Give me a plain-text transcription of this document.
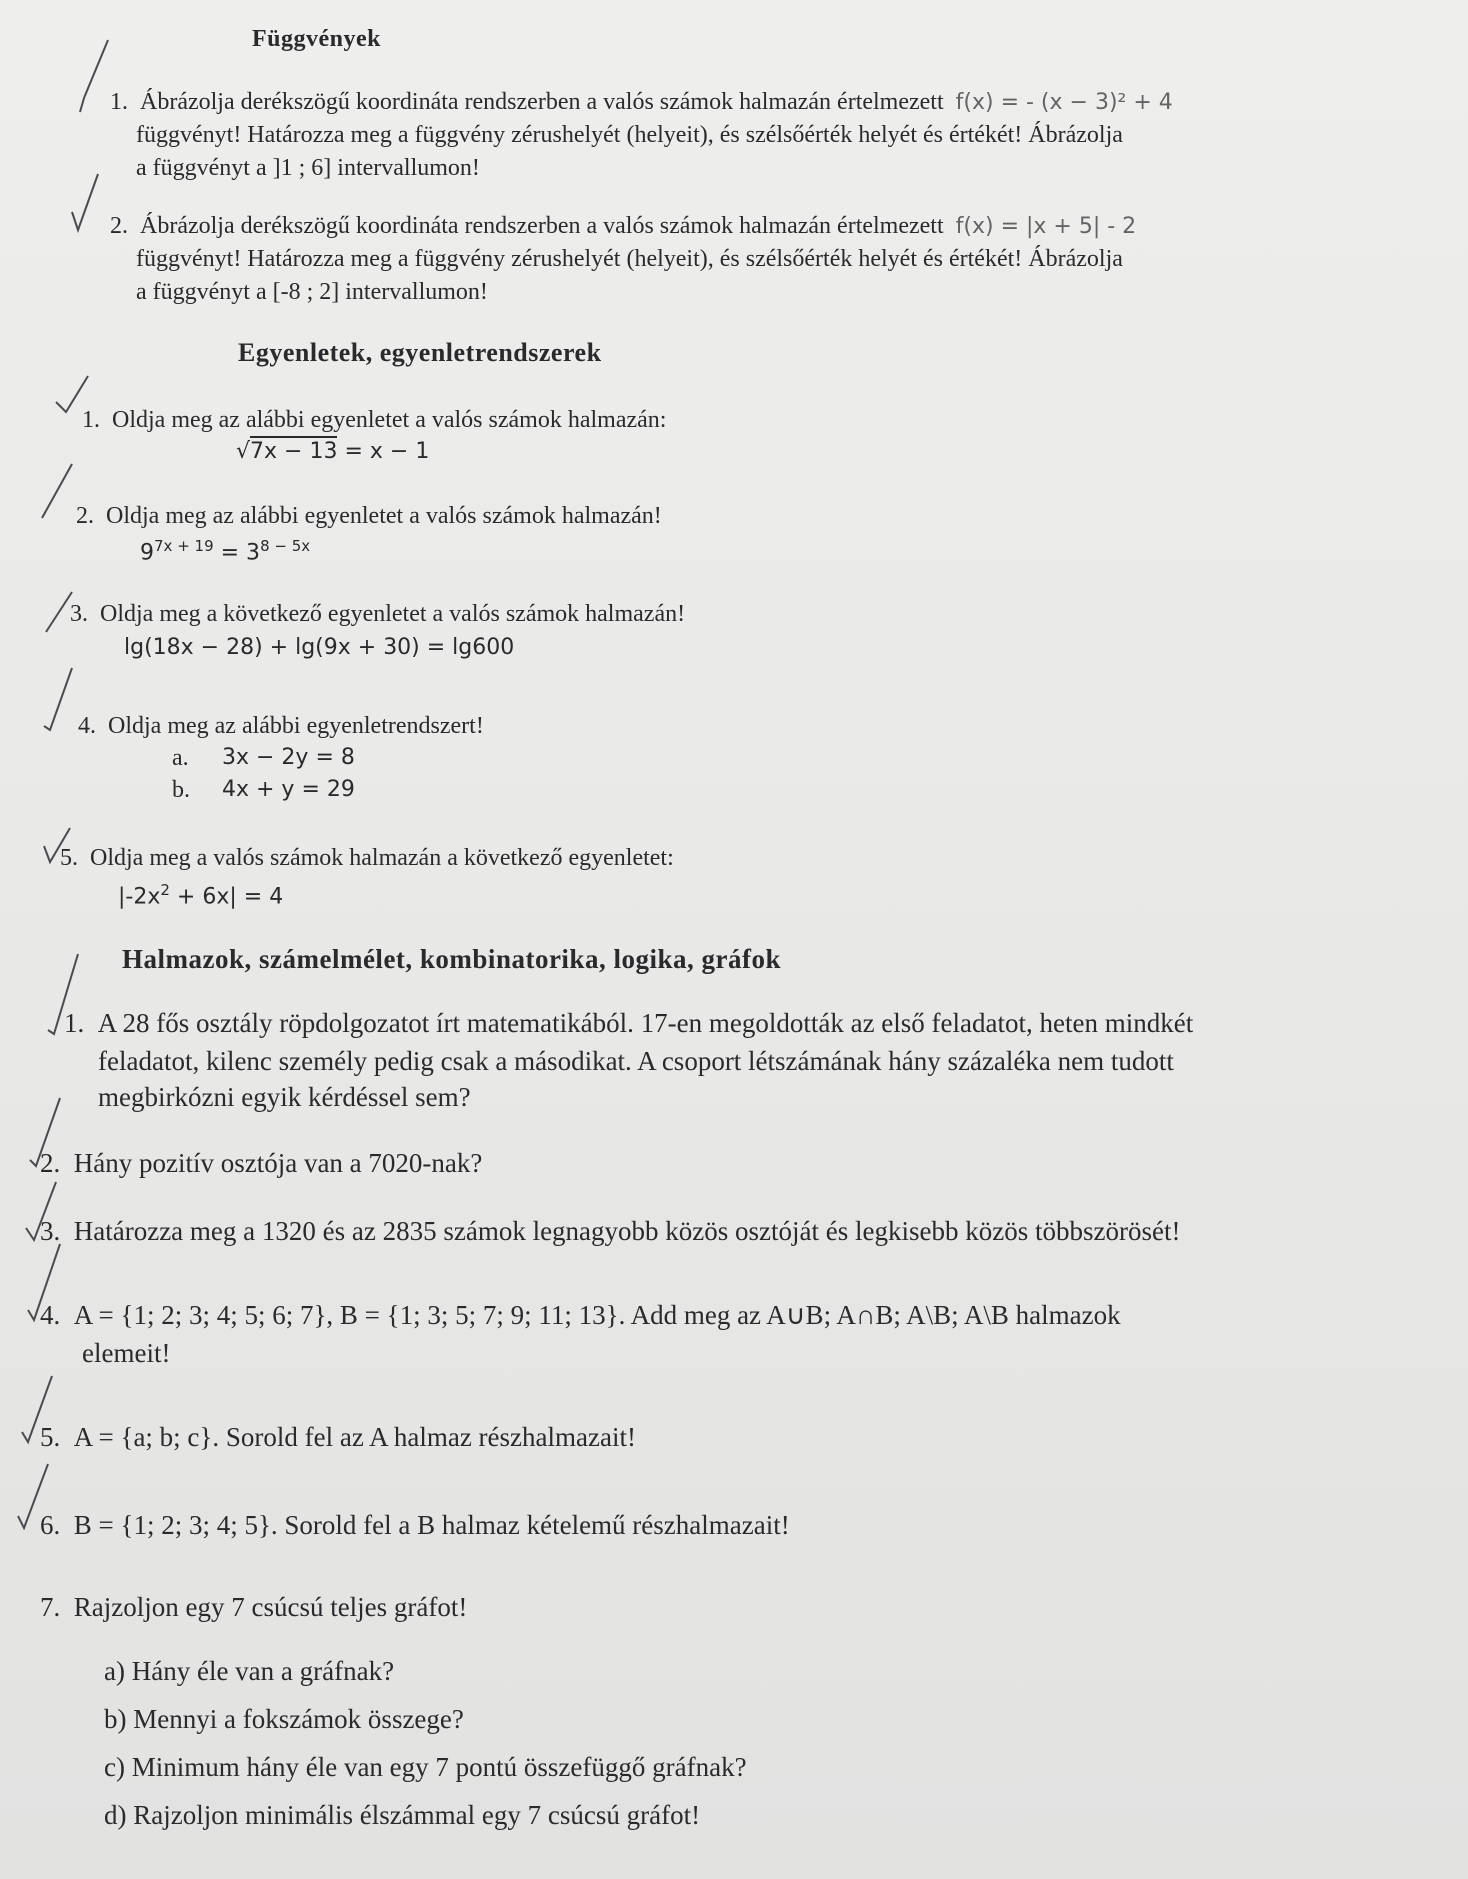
Függvények
1. Ábrázolja derékszögű koordináta rendszerben a valós számok halmazán értelmezett f(x) = - (x − 3)² + 4
függvényt! Határozza meg a függvény zérushelyét (helyeit), és szélsőérték helyét és értékét! Ábrázolja
a függvényt a ]1 ; 6] intervallumon!
2. Ábrázolja derékszögű koordináta rendszerben a valós számok halmazán értelmezett f(x) = |x + 5| - 2
függvényt! Határozza meg a függvény zérushelyét (helyeit), és szélsőérték helyét és értékét! Ábrázolja
a függvényt a [-8 ; 2] intervallumon!
Egyenletek, egyenletrendszerek
1. Oldja meg az alábbi egyenletet a valós számok halmazán:
√7x − 13 = x − 1
2. Oldja meg az alábbi egyenletet a valós számok halmazán!
$9^{7x + 19} = 3^{8 - 5x}$
3. Oldja meg a következő egyenletet a valós számok halmazán!
lg(18x − 28) + lg(9x + 30) = lg600
4. Oldja meg az alábbi egyenletrendszert!
a. 3x − 2y = 8
b. 4x + y = 29
5. Oldja meg a valós számok halmazán a következő egyenletet:
$|-2x^2 + 6x| = 4$
Halmazok, számelmélet, kombinatorika, logika, gráfok
1. A 28 fős osztály röpdolgozatot írt matematikából. 17-en megoldották az első feladatot, heten mindkét
feladatot, kilenc személy pedig csak a másodikat. A csoport létszámának hány százaléka nem tudott
megbirkózni egyik kérdéssel sem?
2. Hány pozitív osztója van a 7020-nak?
3. Határozza meg a 1320 és az 2835 számok legnagyobb közös osztóját és legkisebb közös többszörösét!
4. A = {1; 2; 3; 4; 5; 6; 7}, B = {1; 3; 5; 7; 9; 11; 13}. Add meg az A∪B; A∩B; A\B; A\B halmazok
elemeit!
5. A = {a; b; c}. Sorold fel az A halmaz részhalmazait!
6. B = {1; 2; 3; 4; 5}. Sorold fel a B halmaz kételemű részhalmazait!
7. Rajzoljon egy 7 csúcsú teljes gráfot!
a) Hány éle van a gráfnak?
b) Mennyi a fokszámok összege?
c) Minimum hány éle van egy 7 pontú összefüggő gráfnak?
d) Rajzoljon minimális élszámmal egy 7 csúcsú gráfot!
